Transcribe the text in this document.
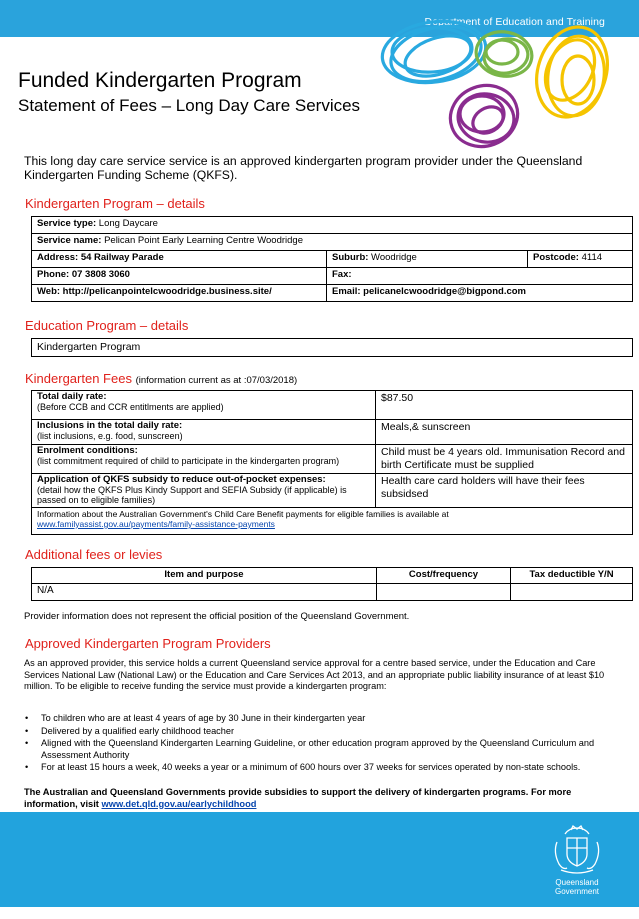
Department of Education and Training
Funded Kindergarten Program
Statement of Fees – Long Day Care Services

This long day care service service is an approved kindergarten program provider under the Queensland Kindergarten Funding Scheme (QKFS).

Kindergarten Program – details
Service type: Long Daycare		
Service name: Pelican Point Early Learning Centre Woodridge		
Address: 54 Railway Parade	Suburb: Woodridge	Postcode: 4114
Phone: 07 3808 3060	Fax:	
Web: http://pelicanpointelcwoodridge.business.site/	Email: pelicanelcwoodridge@bigpond.com	
Education Program – details
Kindergarten Program
Kindergarten Fees (information current as at :07/03/2018)
Total daily rate:
(Before CCB and CCR entitlments are applied)	$87.50

Inclusions in the total daily rate:
(list inclusions, e.g. food, sunscreen)	Meals,& sunscreen

Enrolment conditions:
(list commitment required of child to participate in the kindergarten program)	Child must be 4 years old. Immunisation Record and birth Certificate must be supplied

Application of QKFS subsidy to reduce out-of-pocket expenses:
(detail how the QKFS Plus Kindy Support and SEFIA Subsidy (if applicable) is passed on to eligible families)	Health care card holders will have their fees subsidsed

Information about the Australian Government's Child Care Benefit payments for eligible families is available at
www.familyassist.gov.au/payments/family-assistance-payments	
Additional fees or levies
Item and purpose	Cost/frequency	Tax deductible Y/N
N/A		
Provider information does not represent the official position of the Queensland Government.
Approved Kindergarten Program Providers

As an approved provider, this service holds a current Queensland service approval for a centre based service, under the Education and Care Services National Law (National Law) or the Education and Care Services Act 2013, and an appropriate public liability insurance of at least $10 million. To be eligible to receive funding the service must provide a kindergarten program:

• To children who are at least 4 years of age by 30 June in their kindergarten year
• Delivered by a qualified early childhood teacher
• Aligned with the Queensland Kindergarten Learning Guideline, or other education program approved by the Queensland Curriculum and Assessment Authority
• For at least 15 hours a week, 40 weeks a year or a minimum of 600 hours over 37 weeks for services operated by non-state schools.

The Australian and Queensland Governments provide subsidies to support the delivery of kindergarten programs. For more information, visit www.det.qld.gov.au/earlychildhood

Queensland
Government
